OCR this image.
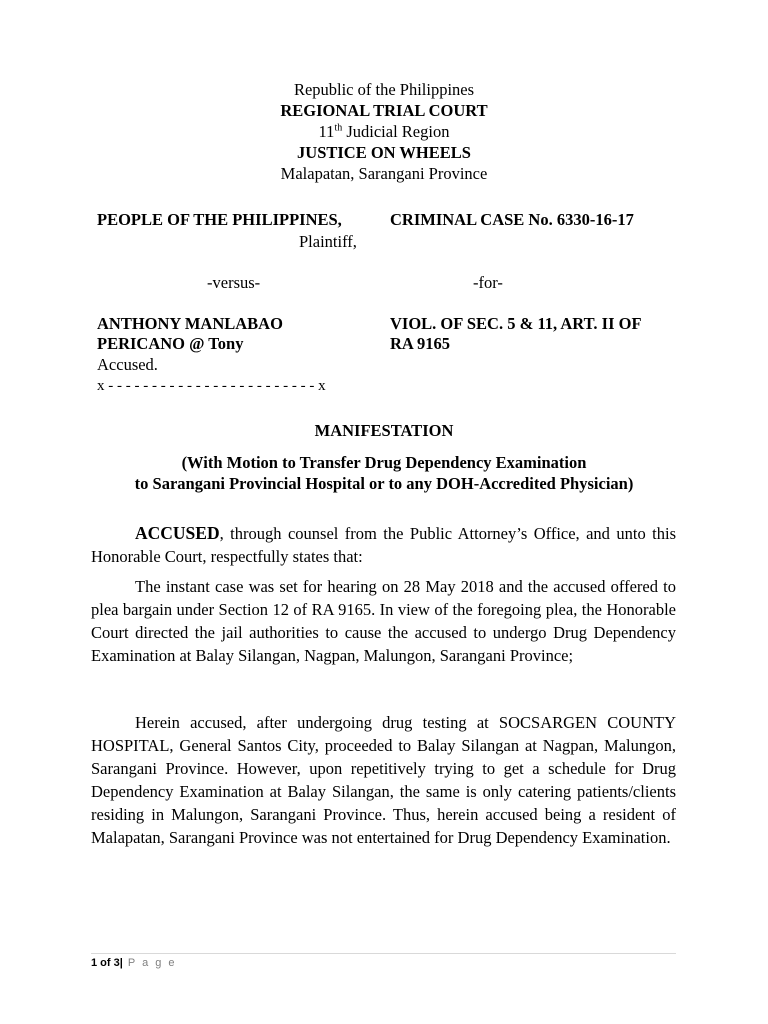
Republic of the Philippines
REGIONAL TRIAL COURT
11th Judicial Region
JUSTICE ON WHEELS
Malapatan, Sarangani Province
PEOPLE OF THE PHILIPPINES,
Plaintiff,
CRIMINAL CASE No. 6330-16-17
-versus-	-for-
ANTHONY MANLABAO
PERICANO @ Tony
Accused.
x - - - - - - - - - - - - - - - - - - - - - - - - x
VIOL. OF SEC. 5 & 11, ART. II OF
RA 9165
MANIFESTATION
(With Motion to Transfer Drug Dependency Examination
to Sarangani Provincial Hospital or to any DOH-Accredited Physician)
ACCUSED, through counsel from the Public Attorney’s Office, and unto this Honorable Court, respectfully states that:
The instant case was set for hearing on 28 May 2018 and the accused offered to plea bargain under Section 12 of RA 9165. In view of the foregoing plea, the Honorable Court directed the jail authorities to cause the accused to undergo Drug Dependency Examination at Balay Silangan, Nagpan, Malungon, Sarangani Province;
Herein accused, after undergoing drug testing at SOCSARGEN COUNTY HOSPITAL, General Santos City, proceeded to Balay Silangan at Nagpan, Malungon, Sarangani Province. However, upon repetitively trying to get a schedule for Drug Dependency Examination at Balay Silangan, the same is only catering patients/clients residing in Malungon, Sarangani Province. Thus, herein accused being a resident of Malapatan, Sarangani Province was not entertained for Drug Dependency Examination.
1 of 3| P a g e
